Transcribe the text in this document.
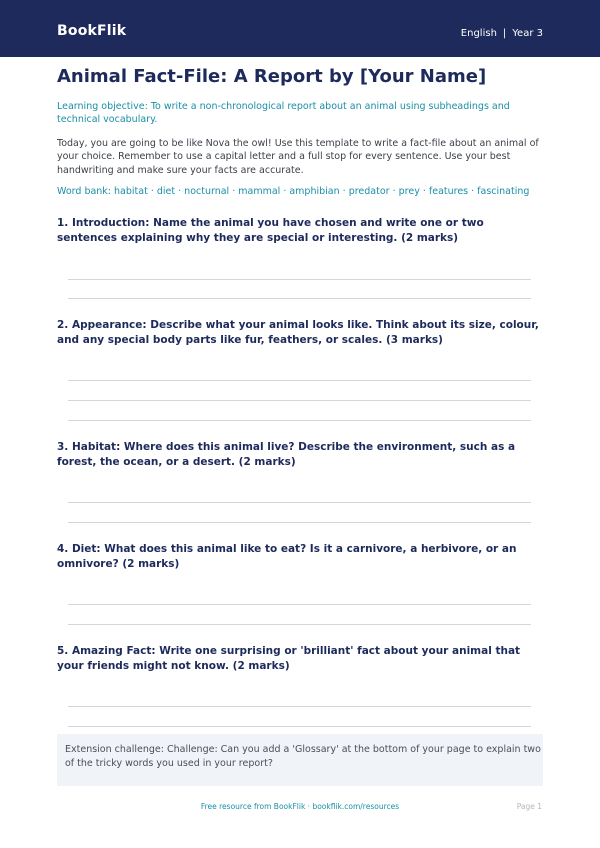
BookFlik	English | Year 3
Animal Fact-File: A Report by [Your Name]
Learning objective: To write a non-chronological report about an animal using subheadings and technical vocabulary.
Today, you are going to be like Nova the owl! Use this template to write a fact-file about an animal of your choice. Remember to use a capital letter and a full stop for every sentence. Use your best handwriting and make sure your facts are accurate.
Word bank: habitat · diet · nocturnal · mammal · amphibian · predator · prey · features · fascinating
1. Introduction: Name the animal you have chosen and write one or two sentences explaining why they are special or interesting. (2 marks)
2. Appearance: Describe what your animal looks like. Think about its size, colour, and any special body parts like fur, feathers, or scales. (3 marks)
3. Habitat: Where does this animal live? Describe the environment, such as a forest, the ocean, or a desert. (2 marks)
4. Diet: What does this animal like to eat? Is it a carnivore, a herbivore, or an omnivore? (2 marks)
5. Amazing Fact: Write one surprising or 'brilliant' fact about your animal that your friends might not know. (2 marks)
Extension challenge: Challenge: Can you add a 'Glossary' at the bottom of your page to explain two of the tricky words you used in your report?
Free resource from BookFlik · bookflik.com/resources	Page 1
